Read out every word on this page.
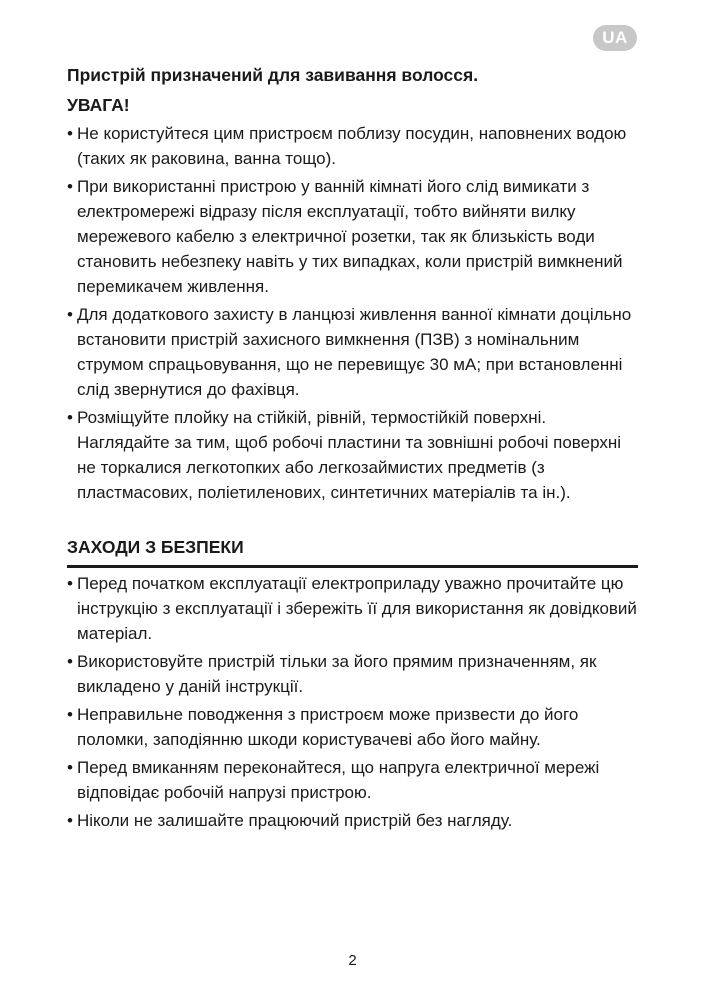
UA

Пристрій призначений для завивання волосся.

УВАГА!

• Не користуйтеся цим пристроєм поблизу посудин, наповнених водою (таких як раковина, ванна тощо).
• При використанні пристрою у ванній кімнаті його слід вимикати з електромережі відразу після експлуатації, тобто вийняти вилку мережевого кабелю з електричної розетки, так як близькість води становить небезпеку навіть у тих випадках, коли пристрій вимкнений перемикачем живлення.
• Для додаткового захисту в ланцюзі живлення ванної кімнати доцільно встановити пристрій захисного вимкнення (ПЗВ) з номінальним струмом спрацьовування, що не перевищує 30 мА; при встановленні слід звернутися до фахівця.
• Розміщуйте плойку на стійкій, рівній, термостійкій поверхні. Наглядайте за тим, щоб робочі пластини та зовнішні робочі поверхні не торкалися легкотопких або легкозаймистих предметів (з пластмасових, поліетиленових, синтетичних матеріалів та ін.).

ЗАХОДИ З БЕЗПЕКИ

• Перед початком експлуатації електроприладу уважно прочитайте цю інструкцію з експлуатації і збережіть її для використання як довідковий матеріал.
• Використовуйте пристрій тільки за його прямим призначенням, як викладено у даній інструкції.
• Неправильне поводження з пристроєм може призвести до його поломки, заподіянню шкоди користувачеві або його майну.
• Перед вмиканням переконайтеся, що напруга електричної мережі відповідає робочій напрузі пристрою.
• Ніколи не залишайте працюючий пристрій без нагляду.
2
